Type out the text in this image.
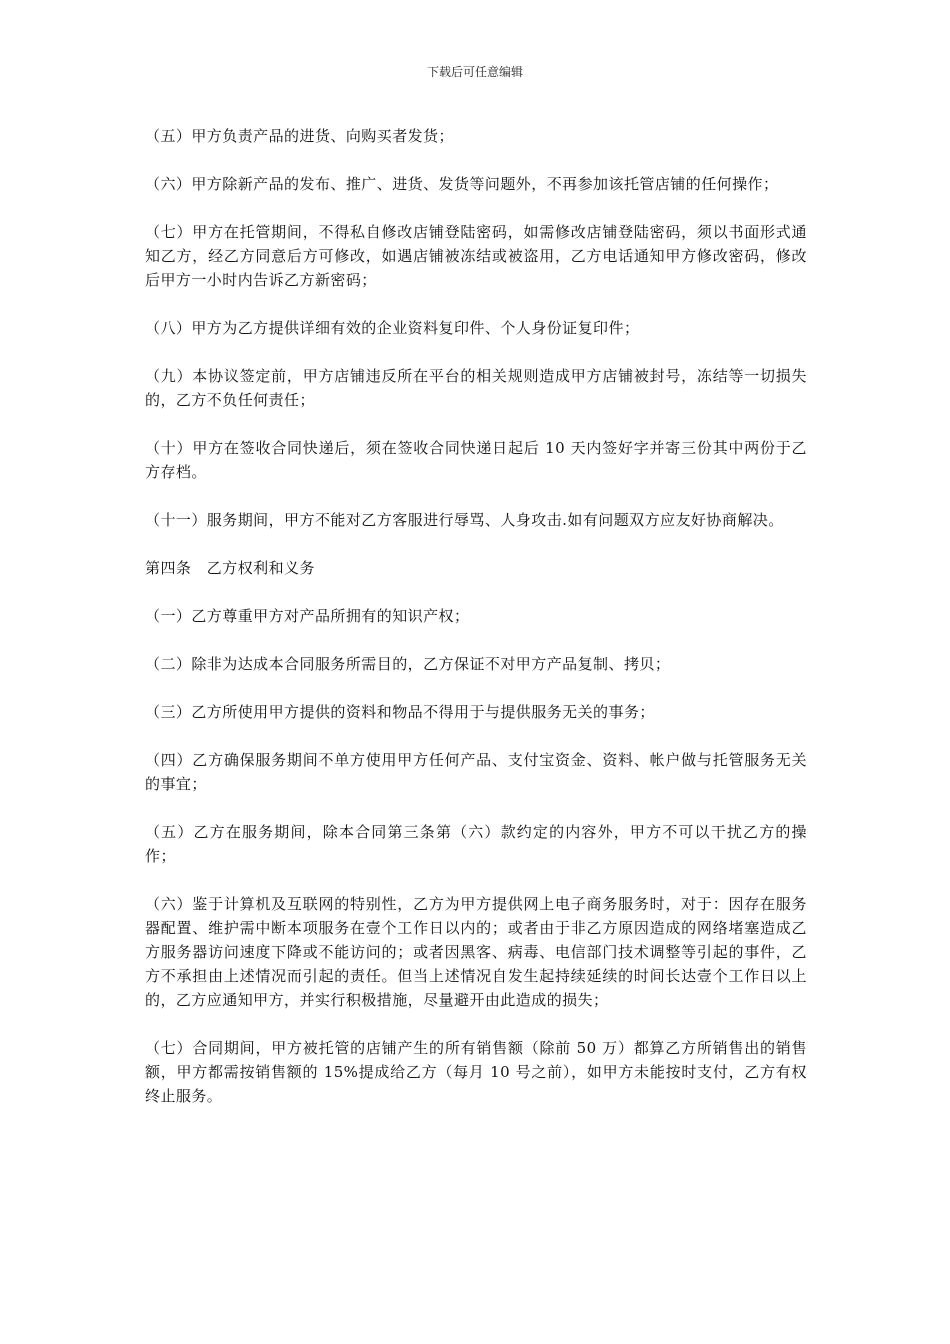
下载后可任意编辑

（五）甲方负责产品的进货、向购买者发货；

（六）甲方除新产品的发布、推广、进货、发货等问题外，不再参加该托管店铺的任何操作；

（七）甲方在托管期间，不得私自修改店铺登陆密码，如需修改店铺登陆密码，须以书面形式通知乙方，经乙方同意后方可修改，如遇店铺被冻结或被盗用，乙方电话通知甲方修改密码，修改后甲方一小时内告诉乙方新密码；

（八）甲方为乙方提供详细有效的企业资料复印件、个人身份证复印件；

（九）本协议签定前，甲方店铺违反所在平台的相关规则造成甲方店铺被封号，冻结等一切损失的，乙方不负任何责任；

（十）甲方在签收合同快递后，须在签收合同快递日起后 10 天内签好字并寄三份其中两份于乙方存档。

（十一）服务期间，甲方不能对乙方客服进行辱骂、人身攻击.如有问题双方应友好协商解决。

第四条　乙方权利和义务

（一）乙方尊重甲方对产品所拥有的知识产权；

（二）除非为达成本合同服务所需目的，乙方保证不对甲方产品复制、拷贝；

（三）乙方所使用甲方提供的资料和物品不得用于与提供服务无关的事务；

（四）乙方确保服务期间不单方使用甲方任何产品、支付宝资金、资料、帐户做与托管服务无关的事宜；

（五）乙方在服务期间，除本合同第三条第（六）款约定的内容外，甲方不可以干扰乙方的操作；

（六）鉴于计算机及互联网的特别性，乙方为甲方提供网上电子商务服务时，对于：因存在服务器配置、维护需中断本项服务在壹个工作日以内的；或者由于非乙方原因造成的网络堵塞造成乙方服务器访问速度下降或不能访问的；或者因黑客、病毒、电信部门技术调整等引起的事件，乙方不承担由上述情况而引起的责任。但当上述情况自发生起持续延续的时间长达壹个工作日以上的，乙方应通知甲方，并实行积极措施，尽量避开由此造成的损失；

（七）合同期间，甲方被托管的店铺产生的所有销售额（除前 50 万）都算乙方所销售出的销售额，甲方都需按销售额的 15%提成给乙方（每月 10 号之前），如甲方未能按时支付，乙方有权终止服务。
